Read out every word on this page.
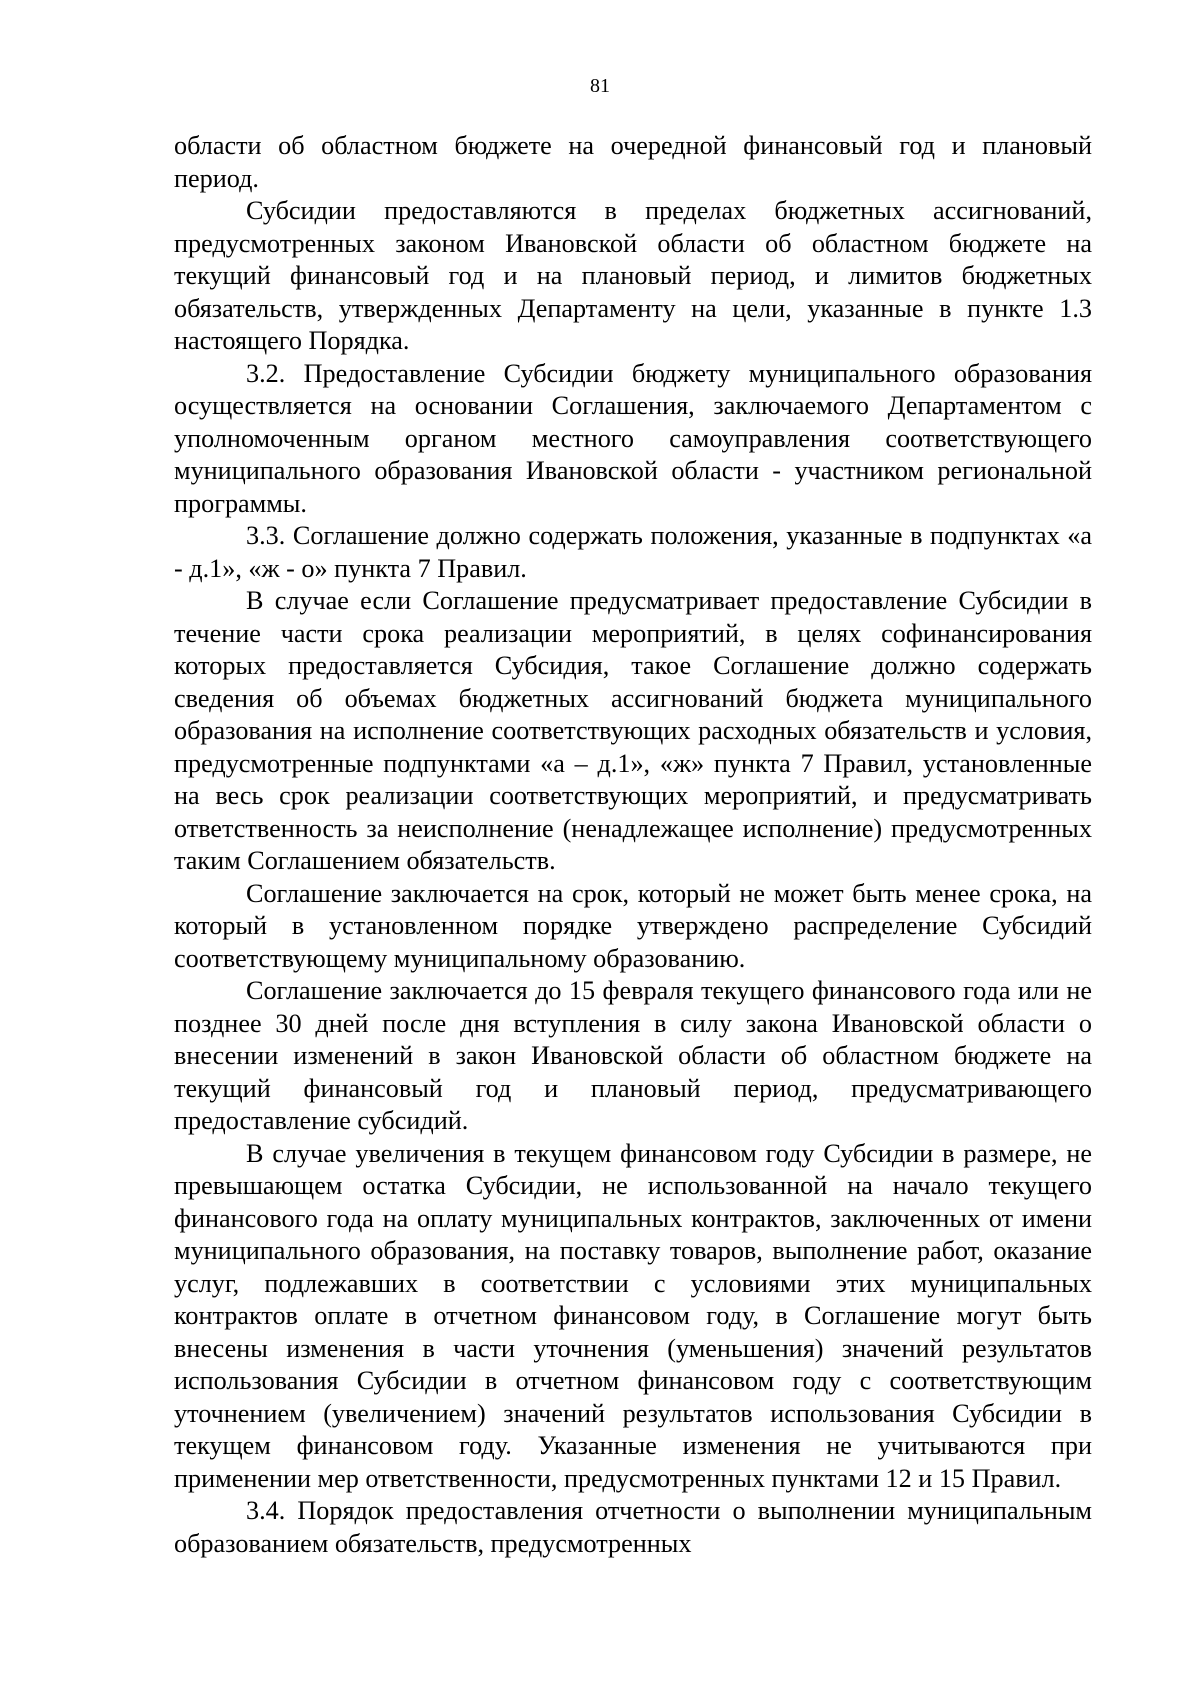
81

области об областном бюджете на очередной финансовый год и плановый период.

Субсидии предоставляются в пределах бюджетных ассигнований, предусмотренных законом Ивановской области об областном бюджете на текущий финансовый год и на плановый период, и лимитов бюджетных обязательств, утвержденных Департаменту на цели, указанные в пункте 1.3 настоящего Порядка.

3.2. Предоставление Субсидии бюджету муниципального образования осуществляется на основании Соглашения, заключаемого Департаментом с уполномоченным органом местного самоуправления соответствующего муниципального образования Ивановской области - участником региональной программы.

3.3. Соглашение должно содержать положения, указанные в подпунктах «а - д.1», «ж - о» пункта 7 Правил.

В случае если Соглашение предусматривает предоставление Субсидии в течение части срока реализации мероприятий, в целях софинансирования которых предоставляется Субсидия, такое Соглашение должно содержать сведения об объемах бюджетных ассигнований бюджета муниципального образования на исполнение соответствующих расходных обязательств и условия, предусмотренные подпунктами «а – д.1», «ж» пункта 7 Правил, установленные на весь срок реализации соответствующих мероприятий, и предусматривать ответственность за неисполнение (ненадлежащее исполнение) предусмотренных таким Соглашением обязательств.

Соглашение заключается на срок, который не может быть менее срока, на который в установленном порядке утверждено распределение Субсидий соответствующему муниципальному образованию.

Соглашение заключается до 15 февраля текущего финансового года или не позднее 30 дней после дня вступления в силу закона Ивановской области о внесении изменений в закон Ивановской области об областном бюджете на текущий финансовый год и плановый период, предусматривающего предоставление субсидий.

В случае увеличения в текущем финансовом году Субсидии в размере, не превышающем остатка Субсидии, не использованной на начало текущего финансового года на оплату муниципальных контрактов, заключенных от имени муниципального образования, на поставку товаров, выполнение работ, оказание услуг, подлежавших в соответствии с условиями этих муниципальных контрактов оплате в отчетном финансовом году, в Соглашение могут быть внесены изменения в части уточнения (уменьшения) значений результатов использования Субсидии в отчетном финансовом году с соответствующим уточнением (увеличением) значений результатов использования Субсидии в текущем финансовом году. Указанные изменения не учитываются при применении мер ответственности, предусмотренных пунктами 12 и 15 Правил.

3.4. Порядок предоставления отчетности о выполнении муниципальным образованием обязательств, предусмотренных
